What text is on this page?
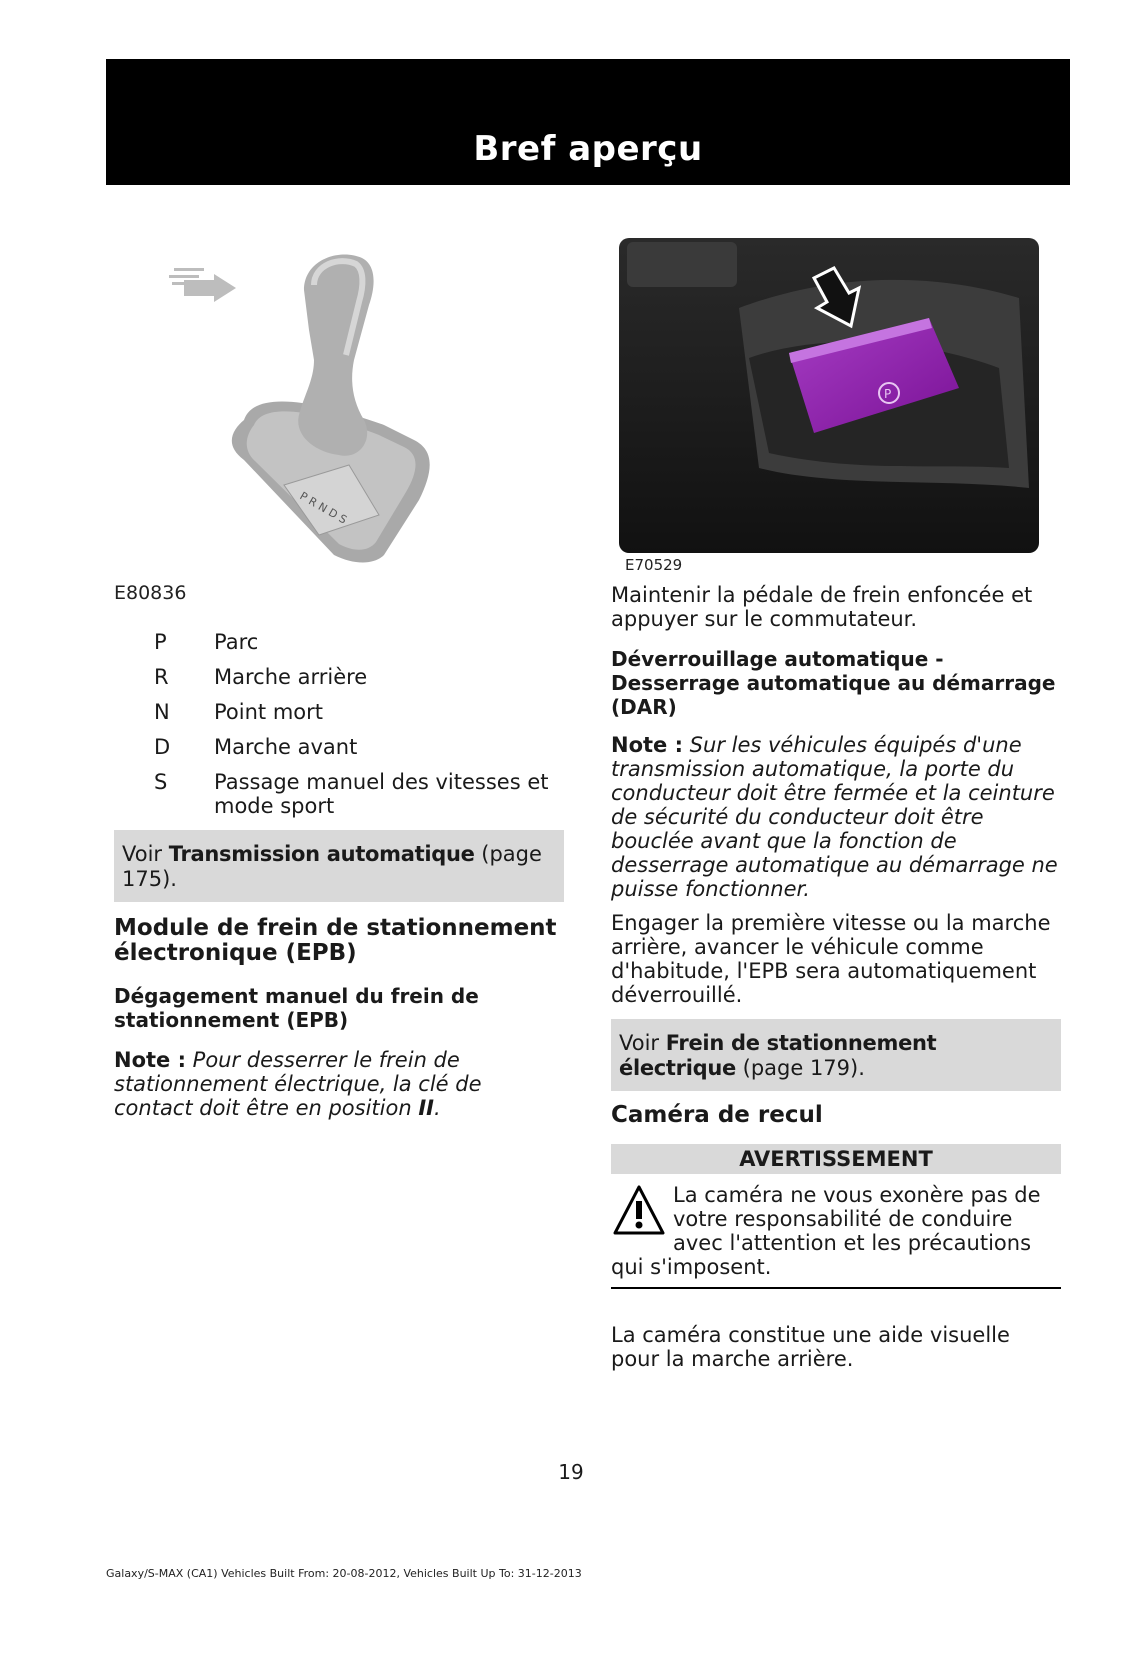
Bref aperçu
P R N D S
E80836
P	Parc
R	Marche arrière
N	Point mort
D	Marche avant
S	Passage manuel des vitesses et mode sport
Voir Transmission automatique (page 175).
Module de frein de stationnement électronique (EPB)
Dégagement manuel du frein de stationnement (EPB)

Note : Pour desserrer le frein de stationnement électrique, la clé de contact doit être en position II.

P
E70529

Maintenir la pédale de frein enfoncée et appuyer sur le commutateur.

Déverrouillage automatique - Desserrage automatique au démarrage (DAR)

Note : Sur les véhicules équipés d'une transmission automatique, la porte du conducteur doit être fermée et la ceinture de sécurité du conducteur doit être bouclée avant que la fonction de desserrage automatique au démarrage ne puisse fonctionner.

Engager la première vitesse ou la marche arrière, avancer le véhicule comme d'habitude, l'EPB sera automatiquement déverrouillé.

Voir Frein de stationnement électrique (page 179).
Caméra de recul
AVERTISSEMENT
La caméra ne vous exonère pas de votre responsabilité de conduire avec l'attention et les précautions qui s'imposent.

La caméra constitue une aide visuelle pour la marche arrière.

19
Galaxy/S-MAX (CA1) Vehicles Built From: 20-08-2012, Vehicles Built Up To: 31-12-2013
